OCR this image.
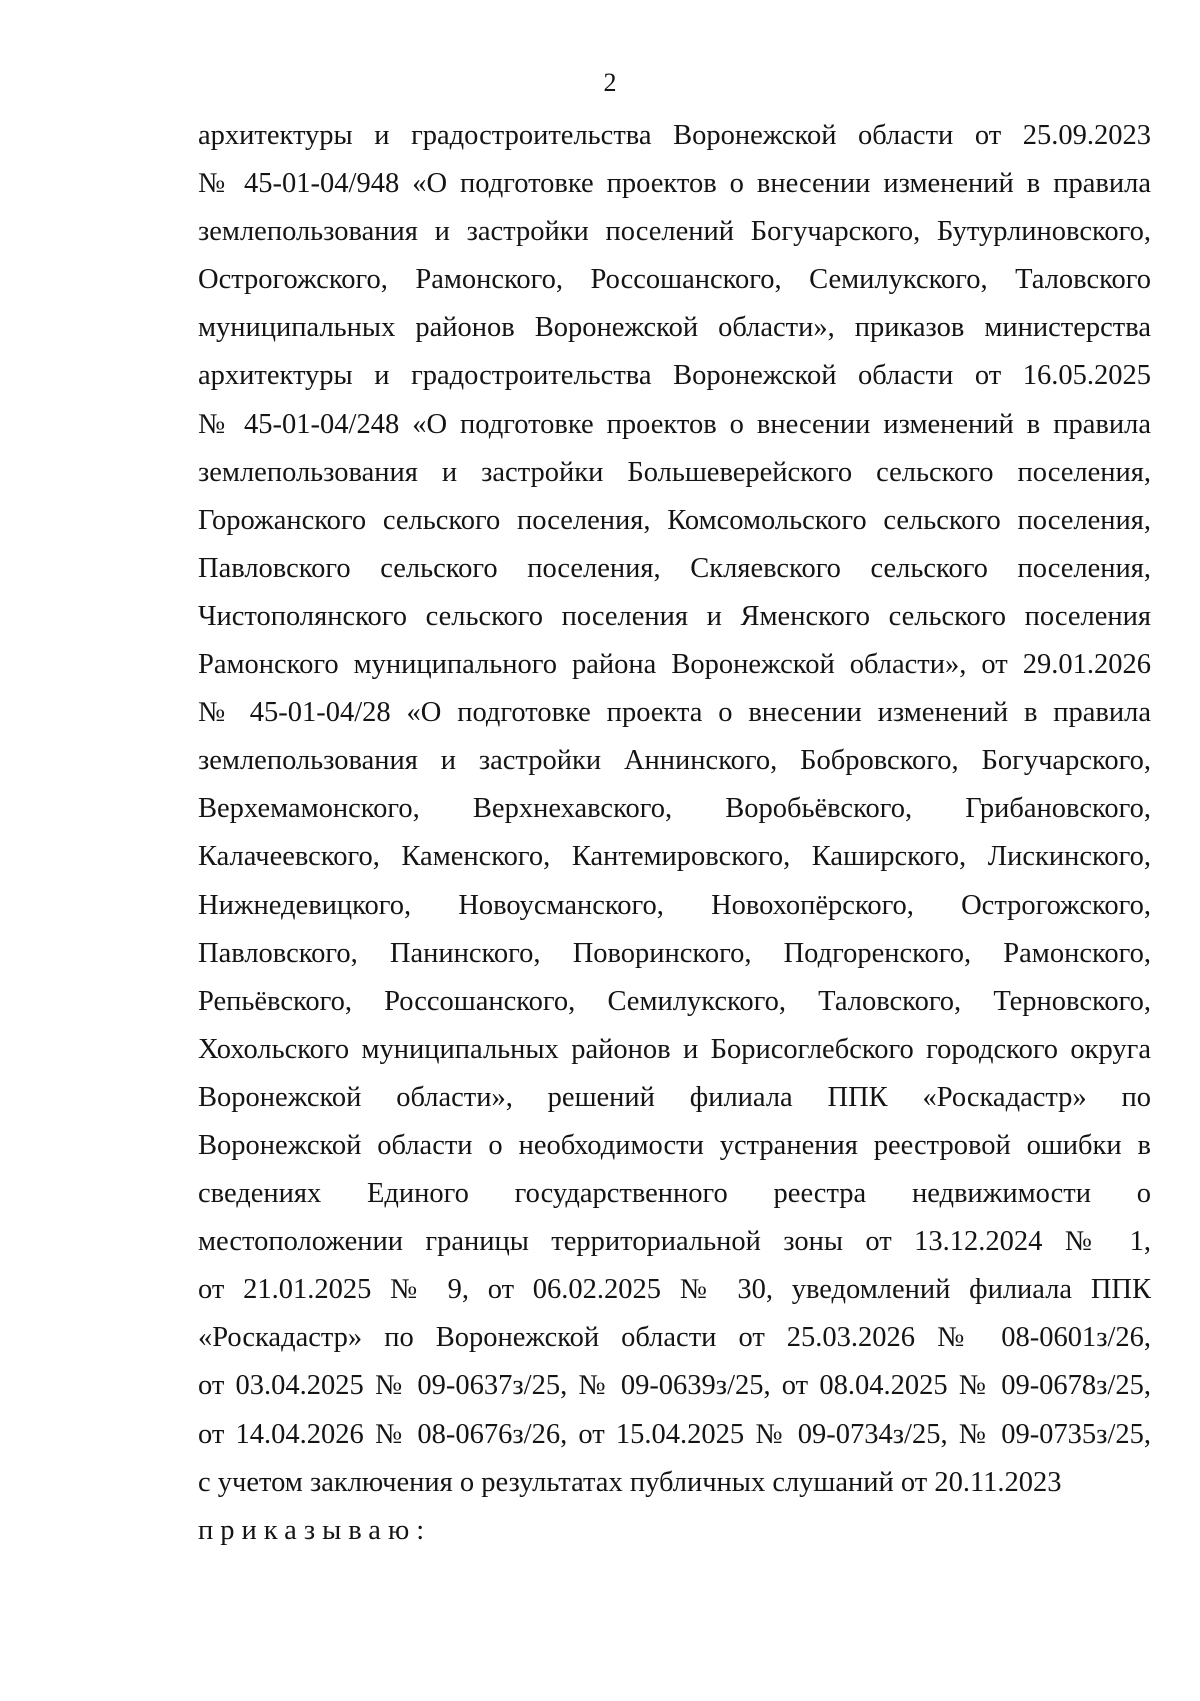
2
архитектуры и градостроительства Воронежской области от 25.09.2023
№ 45-01-04/948 «О подготовке проектов о внесении изменений в правила
землепользования и застройки поселений Богучарского, Бутурлиновского,
Острогожского, Рамонского, Россошанского, Семилукского, Таловского
муниципальных районов Воронежской области», приказов министерства
архитектуры и градостроительства Воронежской области от 16.05.2025
№ 45-01-04/248 «О подготовке проектов о внесении изменений в правила
землепользования и застройки Большеверейского сельского поселения,
Горожанского сельского поселения, Комсомольского сельского поселения,
Павловского сельского поселения, Скляевского сельского поселения,
Чистополянского сельского поселения и Яменского сельского поселения
Рамонского муниципального района Воронежской области», от 29.01.2026
№ 45-01-04/28 «О подготовке проекта о внесении изменений в правила
землепользования и застройки Аннинского, Бобровского, Богучарского,
Верхемамонского, Верхнехавского, Воробьёвского, Грибановского,
Калачеевского, Каменского, Кантемировского, Каширского, Лискинского,
Нижнедевицкого, Новоусманского, Новохопёрского, Острогожского,
Павловского, Панинского, Поворинского, Подгоренского, Рамонского,
Репьёвского, Россошанского, Семилукского, Таловского, Терновского,
Хохольского муниципальных районов и Борисоглебского городского округа
Воронежской области», решений филиала ППК «Роскадастр» по
Воронежской области о необходимости устранения реестровой ошибки в
сведениях Единого государственного реестра недвижимости о
местоположении границы территориальной зоны от 13.12.2024 № 1,
от 21.01.2025 № 9, от 06.02.2025 № 30, уведомлений филиала ППК
«Роскадастр» по Воронежской области от 25.03.2026 № 08-0601з/26,
от 03.04.2025 № 09-0637з/25, № 09-0639з/25, от 08.04.2025 № 09-0678з/25,
от 14.04.2026 № 08-0676з/26, от 15.04.2025 № 09-0734з/25, № 09-0735з/25,
с учетом заключения о результатах публичных слушаний от 20.11.2023
приказываю:
